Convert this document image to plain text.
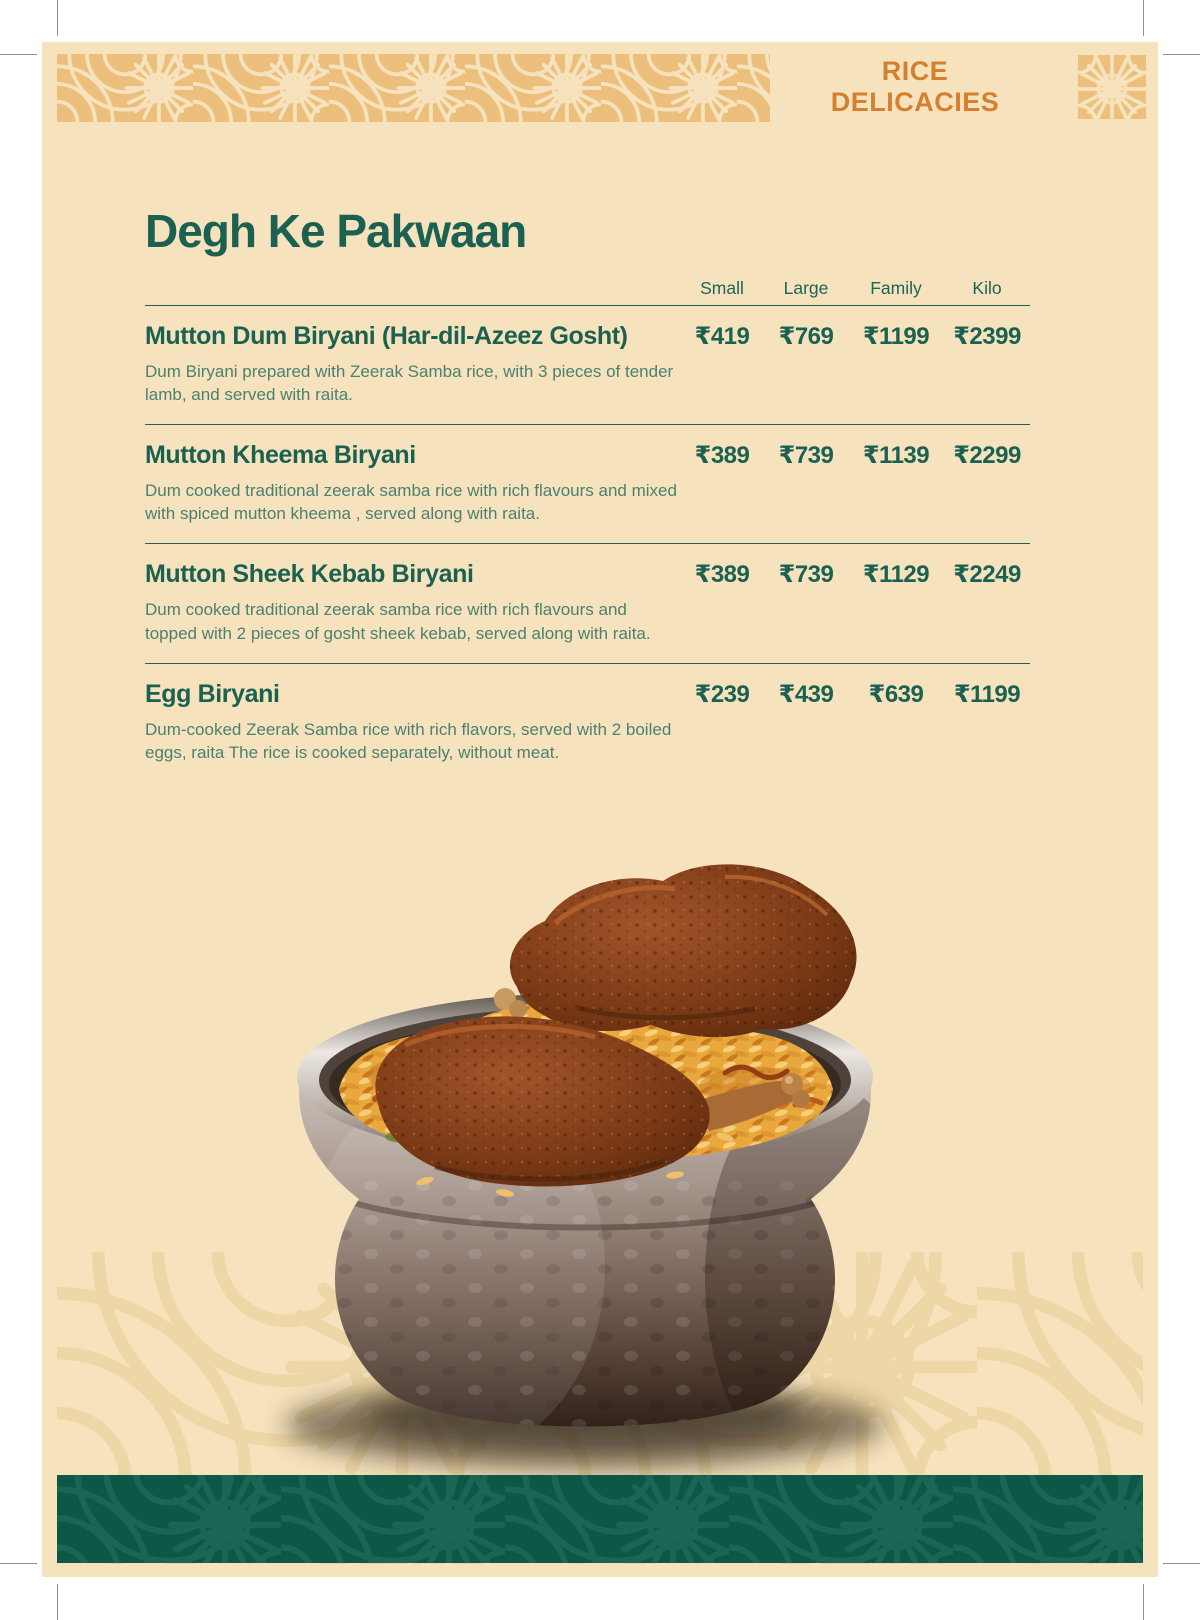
RICE
DELICACIES
Degh Ke Pakwaan
Small	Large	Family	Kilo
Mutton Dum Biryani (Har-dil-Azeez Gosht)	₹419	₹769	₹1199	₹2399

Dum Biryani prepared with Zeerak Samba rice, with 3 pieces of tender lamb, and served with raita.

Mutton Kheema Biryani	₹389	₹739	₹1139	₹2299

Dum cooked traditional zeerak samba rice with rich flavours and mixed with spiced mutton kheema , served along with raita.

Mutton Sheek Kebab Biryani	₹389	₹739	₹1129	₹2249

Dum cooked traditional zeerak samba rice with rich flavours and topped with 2 pieces of gosht sheek kebab, served along with raita.

Egg Biryani	₹239	₹439	₹639	₹1199

Dum-cooked Zeerak Samba rice with rich flavors, served with 2 boiled eggs, raita The rice is cooked separately, without meat.
